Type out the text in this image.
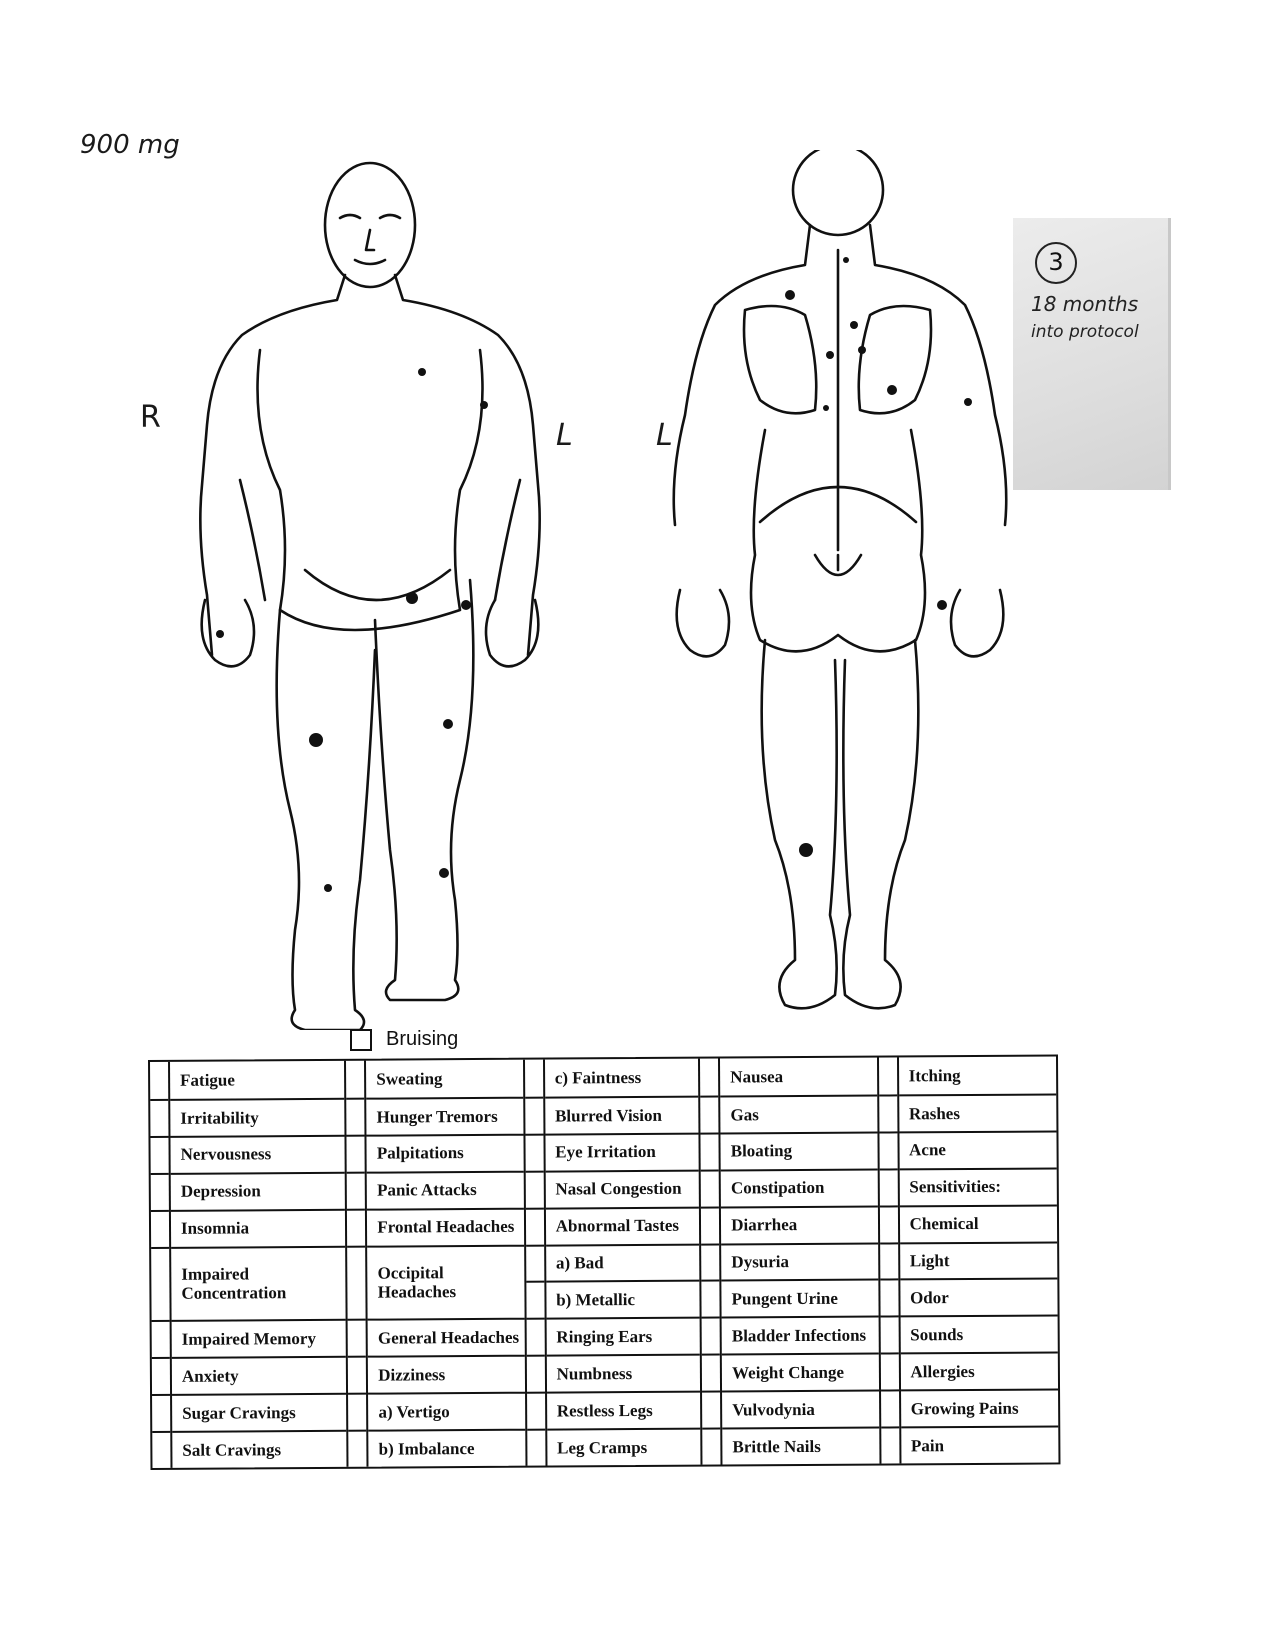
900 mg
R
L	L
3
18 months
into protocol
Bruising
Fatigue
Irritability
Nervousness
Depression
Insomnia
Impaired
Concentration
Impaired Memory
Anxiety
Sugar Cravings
Salt Cravings
Sweating
Hunger Tremors
Palpitations
Panic Attacks
Frontal Headaches
Occipital
Headaches
General Headaches
Dizziness
a) Vertigo
b) Imbalance
c) Faintness
Blurred Vision
Eye Irritation
Nasal Congestion
Abnormal Tastes
a) Bad
b) Metallic
Ringing Ears
Numbness
Restless Legs
Leg Cramps
Nausea
Gas
Bloating
Constipation
Diarrhea
Dysuria
Pungent Urine
Bladder Infections
Weight Change
Vulvodynia
Brittle Nails
Itching
Rashes
Acne
Sensitivities:
Chemical
Light
Odor
Sounds
Allergies
Growing Pains
Pain
